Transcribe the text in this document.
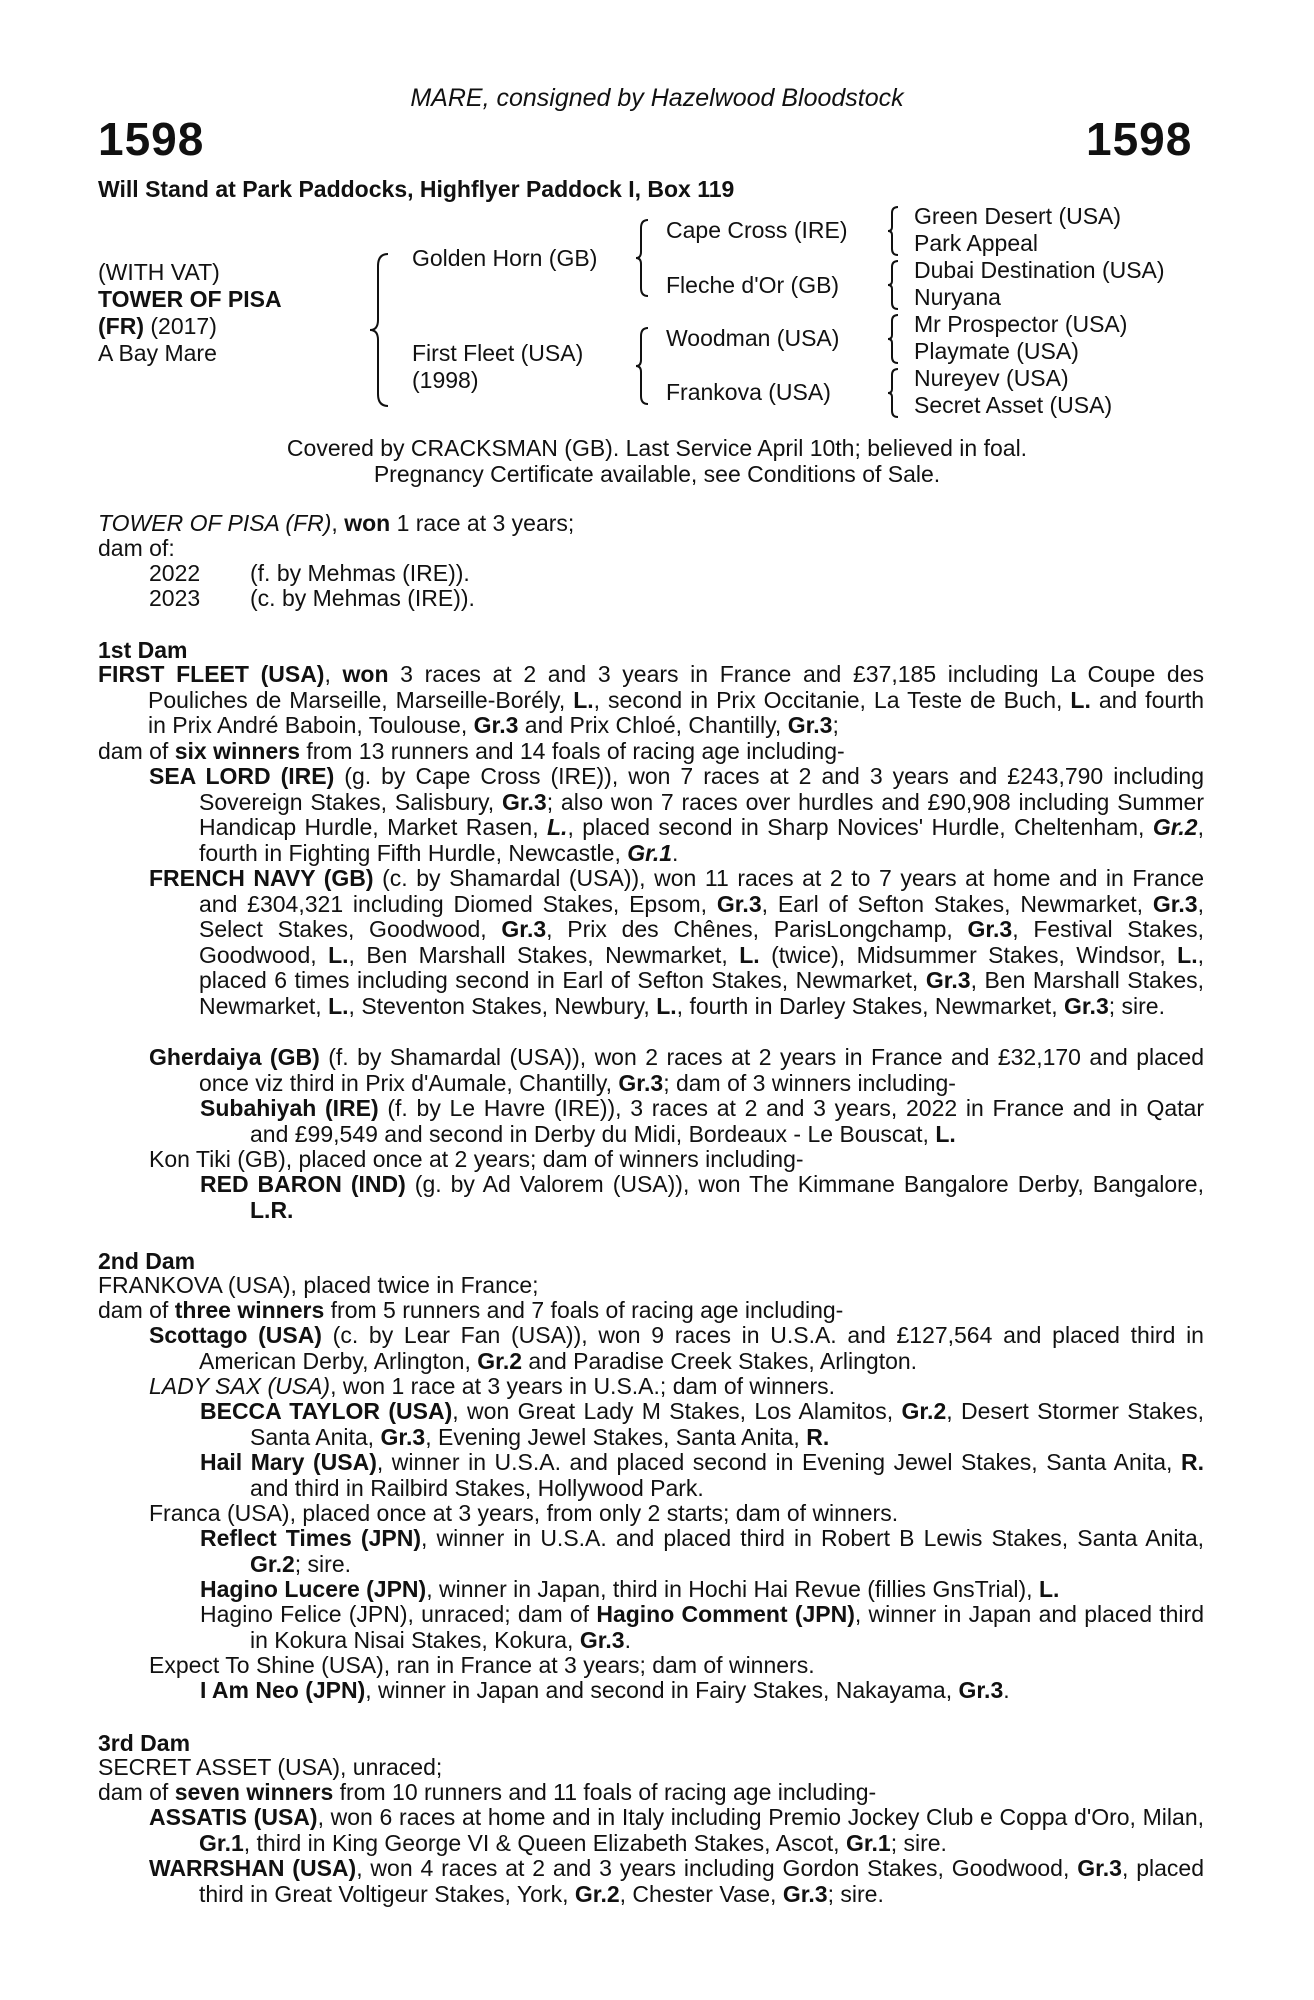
MARE, consigned by Hazelwood Bloodstock
1598	1598
Will Stand at Park Paddocks, Highflyer Paddock I, Box 119
(WITH VAT)
TOWER OF PISA
(FR) (2017)
A Bay Mare
Golden Horn (GB)
First Fleet (USA)
(1998)
Cape Cross (IRE)
Fleche d'Or (GB)
Woodman (USA)
Frankova (USA)
Green Desert (USA)
Park Appeal
Dubai Destination (USA)
Nuryana
Mr Prospector (USA)
Playmate (USA)
Nureyev (USA)
Secret Asset (USA)
Covered by CRACKSMAN (GB). Last Service April 10th; believed in foal.
Pregnancy Certificate available, see Conditions of Sale.
TOWER OF PISA (FR), won 1 race at 3 years;
dam of:
2022 (f. by Mehmas (IRE)).
2023 (c. by Mehmas (IRE)).
1st Dam
FIRST FLEET (USA), won 3 races at 2 and 3 years in France and £37,185 including La Coupe des Pouliches de Marseille, Marseille-Borély, L., second in Prix Occitanie, La Teste de Buch, L. and fourth in Prix André Baboin, Toulouse, Gr.3 and Prix Chloé, Chantilly, Gr.3;
dam of six winners from 13 runners and 14 foals of racing age including-
SEA LORD (IRE) (g. by Cape Cross (IRE)), won 7 races at 2 and 3 years and £243,790 including Sovereign Stakes, Salisbury, Gr.3; also won 7 races over hurdles and £90,908 including Summer Handicap Hurdle, Market Rasen, L., placed second in Sharp Novices' Hurdle, Cheltenham, Gr.2, fourth in Fighting Fifth Hurdle, Newcastle, Gr.1.
FRENCH NAVY (GB) (c. by Shamardal (USA)), won 11 races at 2 to 7 years at home and in France and £304,321 including Diomed Stakes, Epsom, Gr.3, Earl of Sefton Stakes, Newmarket, Gr.3, Select Stakes, Goodwood, Gr.3, Prix des Chênes, ParisLongchamp, Gr.3, Festival Stakes, Goodwood, L., Ben Marshall Stakes, Newmarket, L. (twice), Midsummer Stakes, Windsor, L., placed 6 times including second in Earl of Sefton Stakes, Newmarket, Gr.3, Ben Marshall Stakes, Newmarket, L., Steventon Stakes, Newbury, L., fourth in Darley Stakes, Newmarket, Gr.3; sire.
Gherdaiya (GB) (f. by Shamardal (USA)), won 2 races at 2 years in France and £32,170 and placed once viz third in Prix d'Aumale, Chantilly, Gr.3; dam of 3 winners including-
Subahiyah (IRE) (f. by Le Havre (IRE)), 3 races at 2 and 3 years, 2022 in France and in Qatar and £99,549 and second in Derby du Midi, Bordeaux - Le Bouscat, L.
Kon Tiki (GB), placed once at 2 years; dam of winners including-
RED BARON (IND) (g. by Ad Valorem (USA)), won The Kimmane Bangalore Derby, Bangalore, L.R.
2nd Dam
FRANKOVA (USA), placed twice in France;
dam of three winners from 5 runners and 7 foals of racing age including-
Scottago (USA) (c. by Lear Fan (USA)), won 9 races in U.S.A. and £127,564 and placed third in American Derby, Arlington, Gr.2 and Paradise Creek Stakes, Arlington.
LADY SAX (USA), won 1 race at 3 years in U.S.A.; dam of winners.
BECCA TAYLOR (USA), won Great Lady M Stakes, Los Alamitos, Gr.2, Desert Stormer Stakes, Santa Anita, Gr.3, Evening Jewel Stakes, Santa Anita, R.
Hail Mary (USA), winner in U.S.A. and placed second in Evening Jewel Stakes, Santa Anita, R. and third in Railbird Stakes, Hollywood Park.
Franca (USA), placed once at 3 years, from only 2 starts; dam of winners.
Reflect Times (JPN), winner in U.S.A. and placed third in Robert B Lewis Stakes, Santa Anita, Gr.2; sire.
Hagino Lucere (JPN), winner in Japan, third in Hochi Hai Revue (fillies GnsTrial), L.
Hagino Felice (JPN), unraced; dam of Hagino Comment (JPN), winner in Japan and placed third in Kokura Nisai Stakes, Kokura, Gr.3.
Expect To Shine (USA), ran in France at 3 years; dam of winners.
I Am Neo (JPN), winner in Japan and second in Fairy Stakes, Nakayama, Gr.3.
3rd Dam
SECRET ASSET (USA), unraced;
dam of seven winners from 10 runners and 11 foals of racing age including-
ASSATIS (USA), won 6 races at home and in Italy including Premio Jockey Club e Coppa d'Oro, Milan, Gr.1, third in King George VI & Queen Elizabeth Stakes, Ascot, Gr.1; sire.
WARRSHAN (USA), won 4 races at 2 and 3 years including Gordon Stakes, Goodwood, Gr.3, placed third in Great Voltigeur Stakes, York, Gr.2, Chester Vase, Gr.3; sire.
